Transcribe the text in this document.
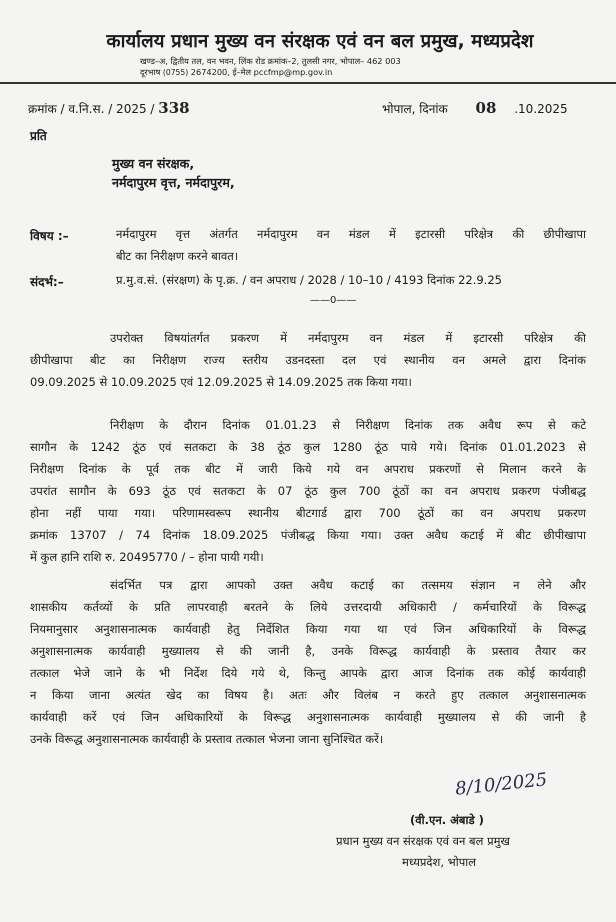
कार्यालय प्रधान मुख्य वन संरक्षक एवं वन बल प्रमुख, मध्यप्रदेश
खण्ड–अ, द्वितीय तल, वन भवन, लिंक रोड क्रमांक–2, तुलसी नगर, भोपाल– 462 003
दूरभाष (0755) 2674200, ई–मेल pccfmp@mp.gov.in
क्रमांक / व.नि.स. / 2025 / 338	भोपाल, दिनांक 08 .10.2025
प्रति
मुख्य वन संरक्षक,
नर्मदापुरम वृत्त, नर्मदापुरम,
विषय :–	नर्मदापुरम वृत्त अंतर्गत नर्मदापुरम वन मंडल में इटारसी परिक्षेत्र की छीपीखापा
बीट का निरीक्षण करने बावत।
संदर्भ:–	प्र.मु.व.सं. (संरक्षण) के पृ.क्र. / वन अपराध / 2028 / 10–10 / 4193 दिनांक 22.9.25
——0——
उपरोक्त विषयांतर्गत प्रकरण में नर्मदापुरम वन मंडल में इटारसी परिक्षेत्र की
छीपीखापा बीट का निरीक्षण राज्य स्तरीय उडनदस्ता दल एवं स्थानीय वन अमले द्वारा दिनांक
09.09.2025 से 10.09.2025 एवं 12.09.2025 से 14.09.2025 तक किया गया।
निरीक्षण के दौरान दिनांक 01.01.23 से निरीक्षण दिनांक तक अवैध रूप से कटे
सागौन के 1242 ठूंठ एवं सतकटा के 38 ठूंठ कुल 1280 ठूंठ पाये गये। दिनांक 01.01.2023 से
निरीक्षण दिनांक के पूर्व तक बीट में जारी किये गये वन अपराध प्रकरणों से मिलान करने के
उपरांत सागौन के 693 ठूंठ एवं सतकटा के 07 ठूंठ कुल 700 ठूंठों का वन अपराध प्रकरण पंजीबद्ध
होना नहीं पाया गया। परिणामस्वरूप स्थानीय बीटगार्ड द्वारा 700 ठूंठों का वन अपराध प्रकरण
क्रमांक 13707 / 74 दिनांक 18.09.2025 पंजीबद्ध किया गया। उक्त अवैध कटाई में बीट छीपीखापा
में कुल हानि राशि रु. 20495770 / – होना पायी गयी।
संदर्भित पत्र द्वारा आपको उक्त अवैध कटाई का तत्समय संज्ञान न लेने और
शासकीय कर्तव्यों के प्रति लापरवाही बरतने के लिये उत्तरदायी अधिकारी / कर्मचारियों के विरूद्ध
नियमानुसार अनुशासनात्मक कार्यवाही हेतु निर्देशित किया गया था एवं जिन अधिकारियों के विरूद्ध
अनुशासनात्मक कार्यवाही मुख्यालय से की जानी है, उनके विरूद्ध कार्यवाही के प्रस्ताव तैयार कर
तत्काल भेजे जाने के भी निर्देश दिये गये थे, किन्तु आपके द्वारा आज दिनांक तक कोई कार्यवाही
न किया जाना अत्यंत खेद का विषय है। अतः और विलंब न करते हुए तत्काल अनुशासनात्मक
कार्यवाही करें एवं जिन अधिकारियों के विरूद्ध अनुशासनात्मक कार्यवाही मुख्यालय से की जानी है
उनके विरूद्ध अनुशासनात्मक कार्यवाही के प्रस्ताव तत्काल भेजना जाना सुनिश्चित करें।
8/10/2025
(वी.एन. अंबाडे )
प्रधान मुख्य वन संरक्षक एवं वन बल प्रमुख
मध्यप्रदेश, भोपाल
